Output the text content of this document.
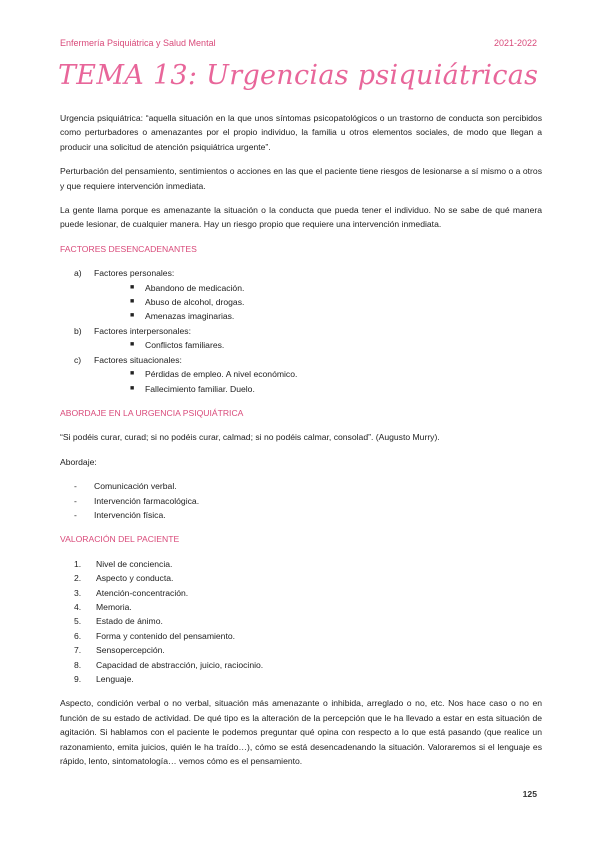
Enfermería Psiquiátrica y Salud Mental	2021-2022
TEMA 13: Urgencias psiquiátricas

Urgencia psiquiátrica: “aquella situación en la que unos síntomas psicopatológicos o un trastorno de conducta son percibidos como perturbadores o amenazantes por el propio individuo, la familia u otros elementos sociales, de modo que llegan a producir una solicitud de atención psiquiátrica urgente”.

Perturbación del pensamiento, sentimientos o acciones en las que el paciente tiene riesgos de lesionarse a sí mismo o a otros y que requiere intervención inmediata.

La gente llama porque es amenazante la situación o la conducta que pueda tener el individuo. No se sabe de qué manera puede lesionar, de cualquier manera. Hay un riesgo propio que requiere una intervención inmediata.

FACTORES DESENCADENANTES
a)	Factores personales:
■	Abandono de medicación.
■	Abuso de alcohol, drogas.
■	Amenazas imaginarias.
b)	Factores interpersonales:
■	Conflictos familiares.
c)	Factores situacionales:
■	Pérdidas de empleo. A nivel económico.
■	Fallecimiento familiar. Duelo.
ABORDAJE EN LA URGENCIA PSIQUIÁTRICA

“Si podéis curar, curad; si no podéis curar, calmad; si no podéis calmar, consolad”. (Augusto Murry).

Abordaje:

-	Comunicación verbal.
-	Intervención farmacológica.
-	Intervención física.
VALORACIÓN DEL PACIENTE
1.	Nivel de conciencia.
2.	Aspecto y conducta.
3.	Atención-concentración.
4.	Memoria.
5.	Estado de ánimo.
6.	Forma y contenido del pensamiento.
7.	Sensopercepción.
8.	Capacidad de abstracción, juicio, raciocinio.
9.	Lenguaje.

Aspecto, condición verbal o no verbal, situación más amenazante o inhibida, arreglado o no, etc. Nos hace caso o no en función de su estado de actividad. De qué tipo es la alteración de la percepción que le ha llevado a estar en esta situación de agitación. Si hablamos con el paciente le podemos preguntar qué opina con respecto a lo que está pasando (que realice un razonamiento, emita juicios, quién le ha traído…), cómo se está desencadenando la situación. Valoraremos si el lenguaje es rápido, lento, sintomatología… vemos cómo es el pensamiento.

125
